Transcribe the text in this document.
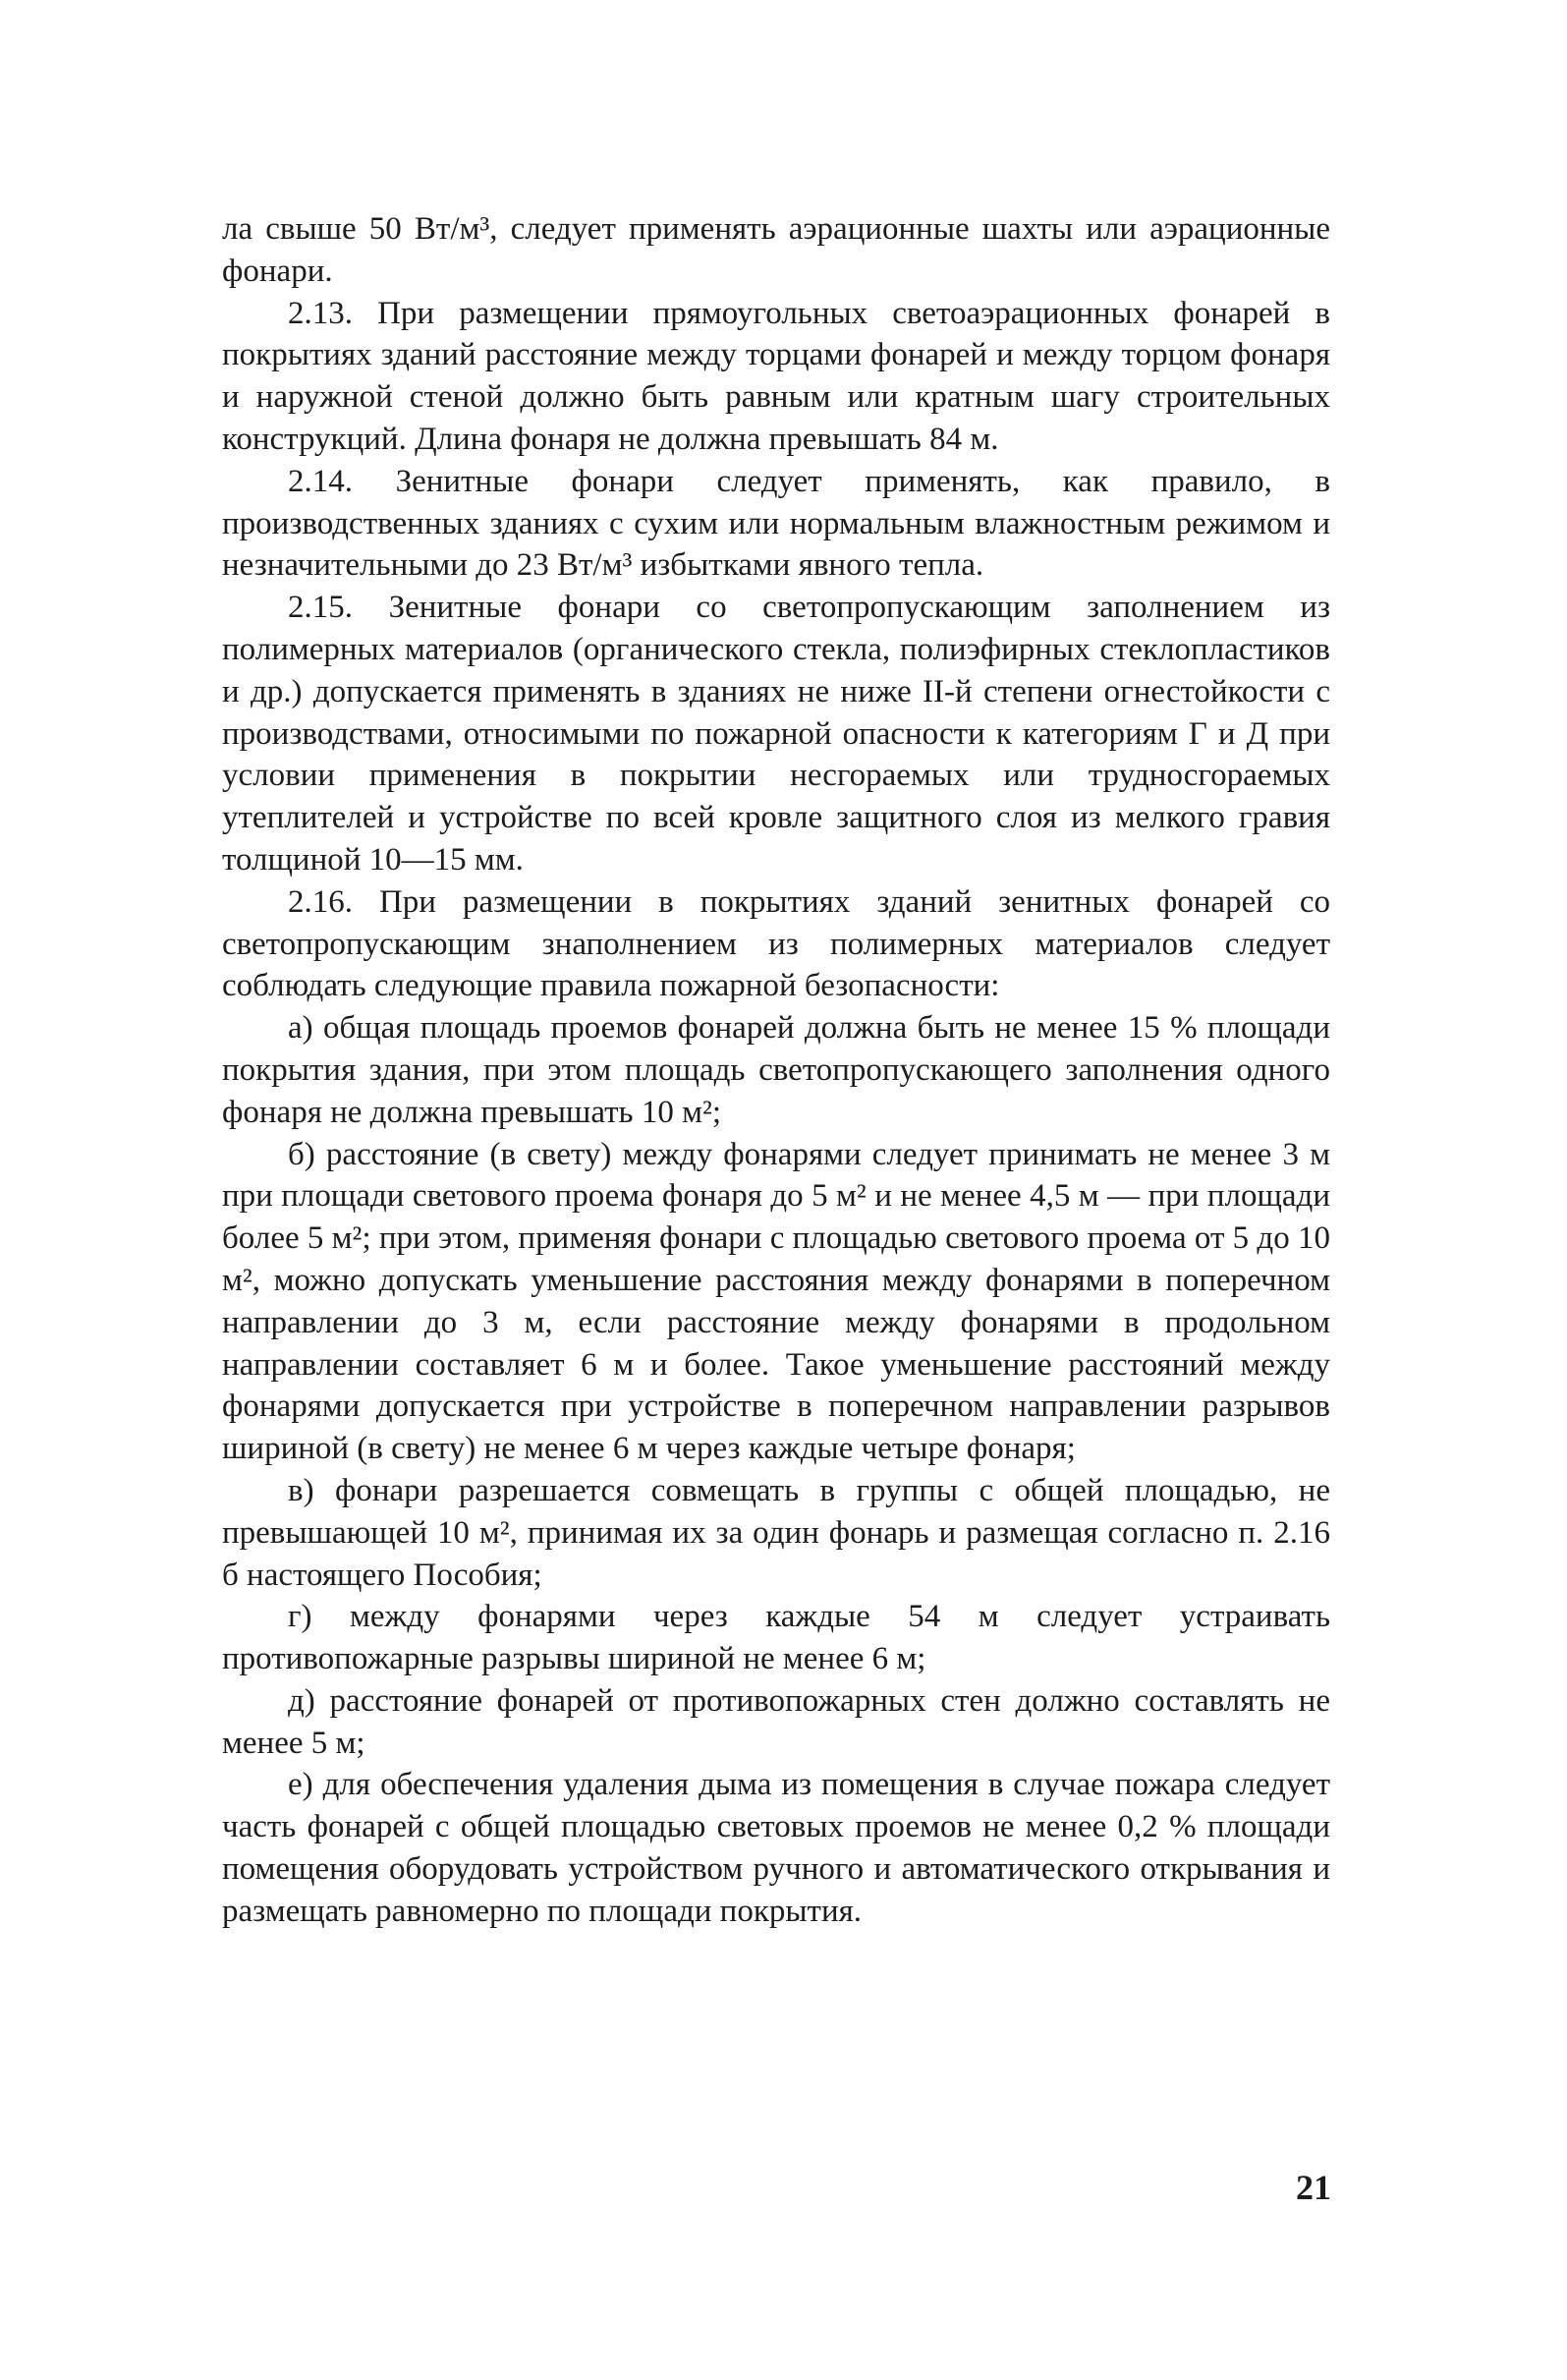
ла свыше 50 Вт/м³, следует применять аэрационные шахты или аэрационные фонари.

2.13. При размещении прямоугольных светоаэрационных фонарей в покрытиях зданий расстояние между торцами фонарей и между торцом фонаря и наружной стеной должно быть равным или кратным шагу строительных конструкций. Длина фонаря не должна превышать 84 м.

2.14. Зенитные фонари следует применять, как правило, в производственных зданиях с сухим или нормальным влажностным режимом и незначительными до 23 Вт/м³ избытками явного тепла.

2.15. Зенитные фонари со светопропускающим заполнением из полимерных материалов (органического стекла, полиэфирных стеклопластиков и др.) допускается применять в зданиях не ниже II-й степени огнестойкости с производствами, относимыми по пожарной опасности к категориям Г и Д при условии применения в покрытии несгораемых или трудносгораемых утеплителей и устройстве по всей кровле защитного слоя из мелкого гравия толщиной 10—15 мм.

2.16. При размещении в покрытиях зданий зенитных фонарей со светопропускающим знаполнением из полимерных материалов следует соблюдать следующие правила пожарной безопасности:

а) общая площадь проемов фонарей должна быть не менее 15 % площади покрытия здания, при этом площадь светопропускающего заполнения одного фонаря не должна превышать 10 м²;

б) расстояние (в свету) между фонарями следует принимать не менее 3 м при площади светового проема фонаря до 5 м² и не менее 4,5 м — при площади более 5 м²; при этом, применяя фонари с площадью светового проема от 5 до 10 м², можно допускать уменьшение расстояния между фонарями в поперечном направлении до 3 м, если расстояние между фонарями в продольном направлении составляет 6 м и более. Такое уменьшение расстояний между фонарями допускается при устройстве в поперечном направлении разрывов шириной (в свету) не менее 6 м через каждые четыре фонаря;

в) фонари разрешается совмещать в группы с общей площадью, не превышающей 10 м², принимая их за один фонарь и размещая согласно п. 2.16 б настоящего Пособия;

г) между фонарями через каждые 54 м следует устраивать противопожарные разрывы шириной не менее 6 м;

д) расстояние фонарей от противопожарных стен должно составлять не менее 5 м;

е) для обеспечения удаления дыма из помещения в случае пожара следует часть фонарей с общей площадью световых проемов не менее 0,2 % площади помещения оборудовать устройством ручного и автоматического открывания и размещать равномерно по площади покрытия.

21
